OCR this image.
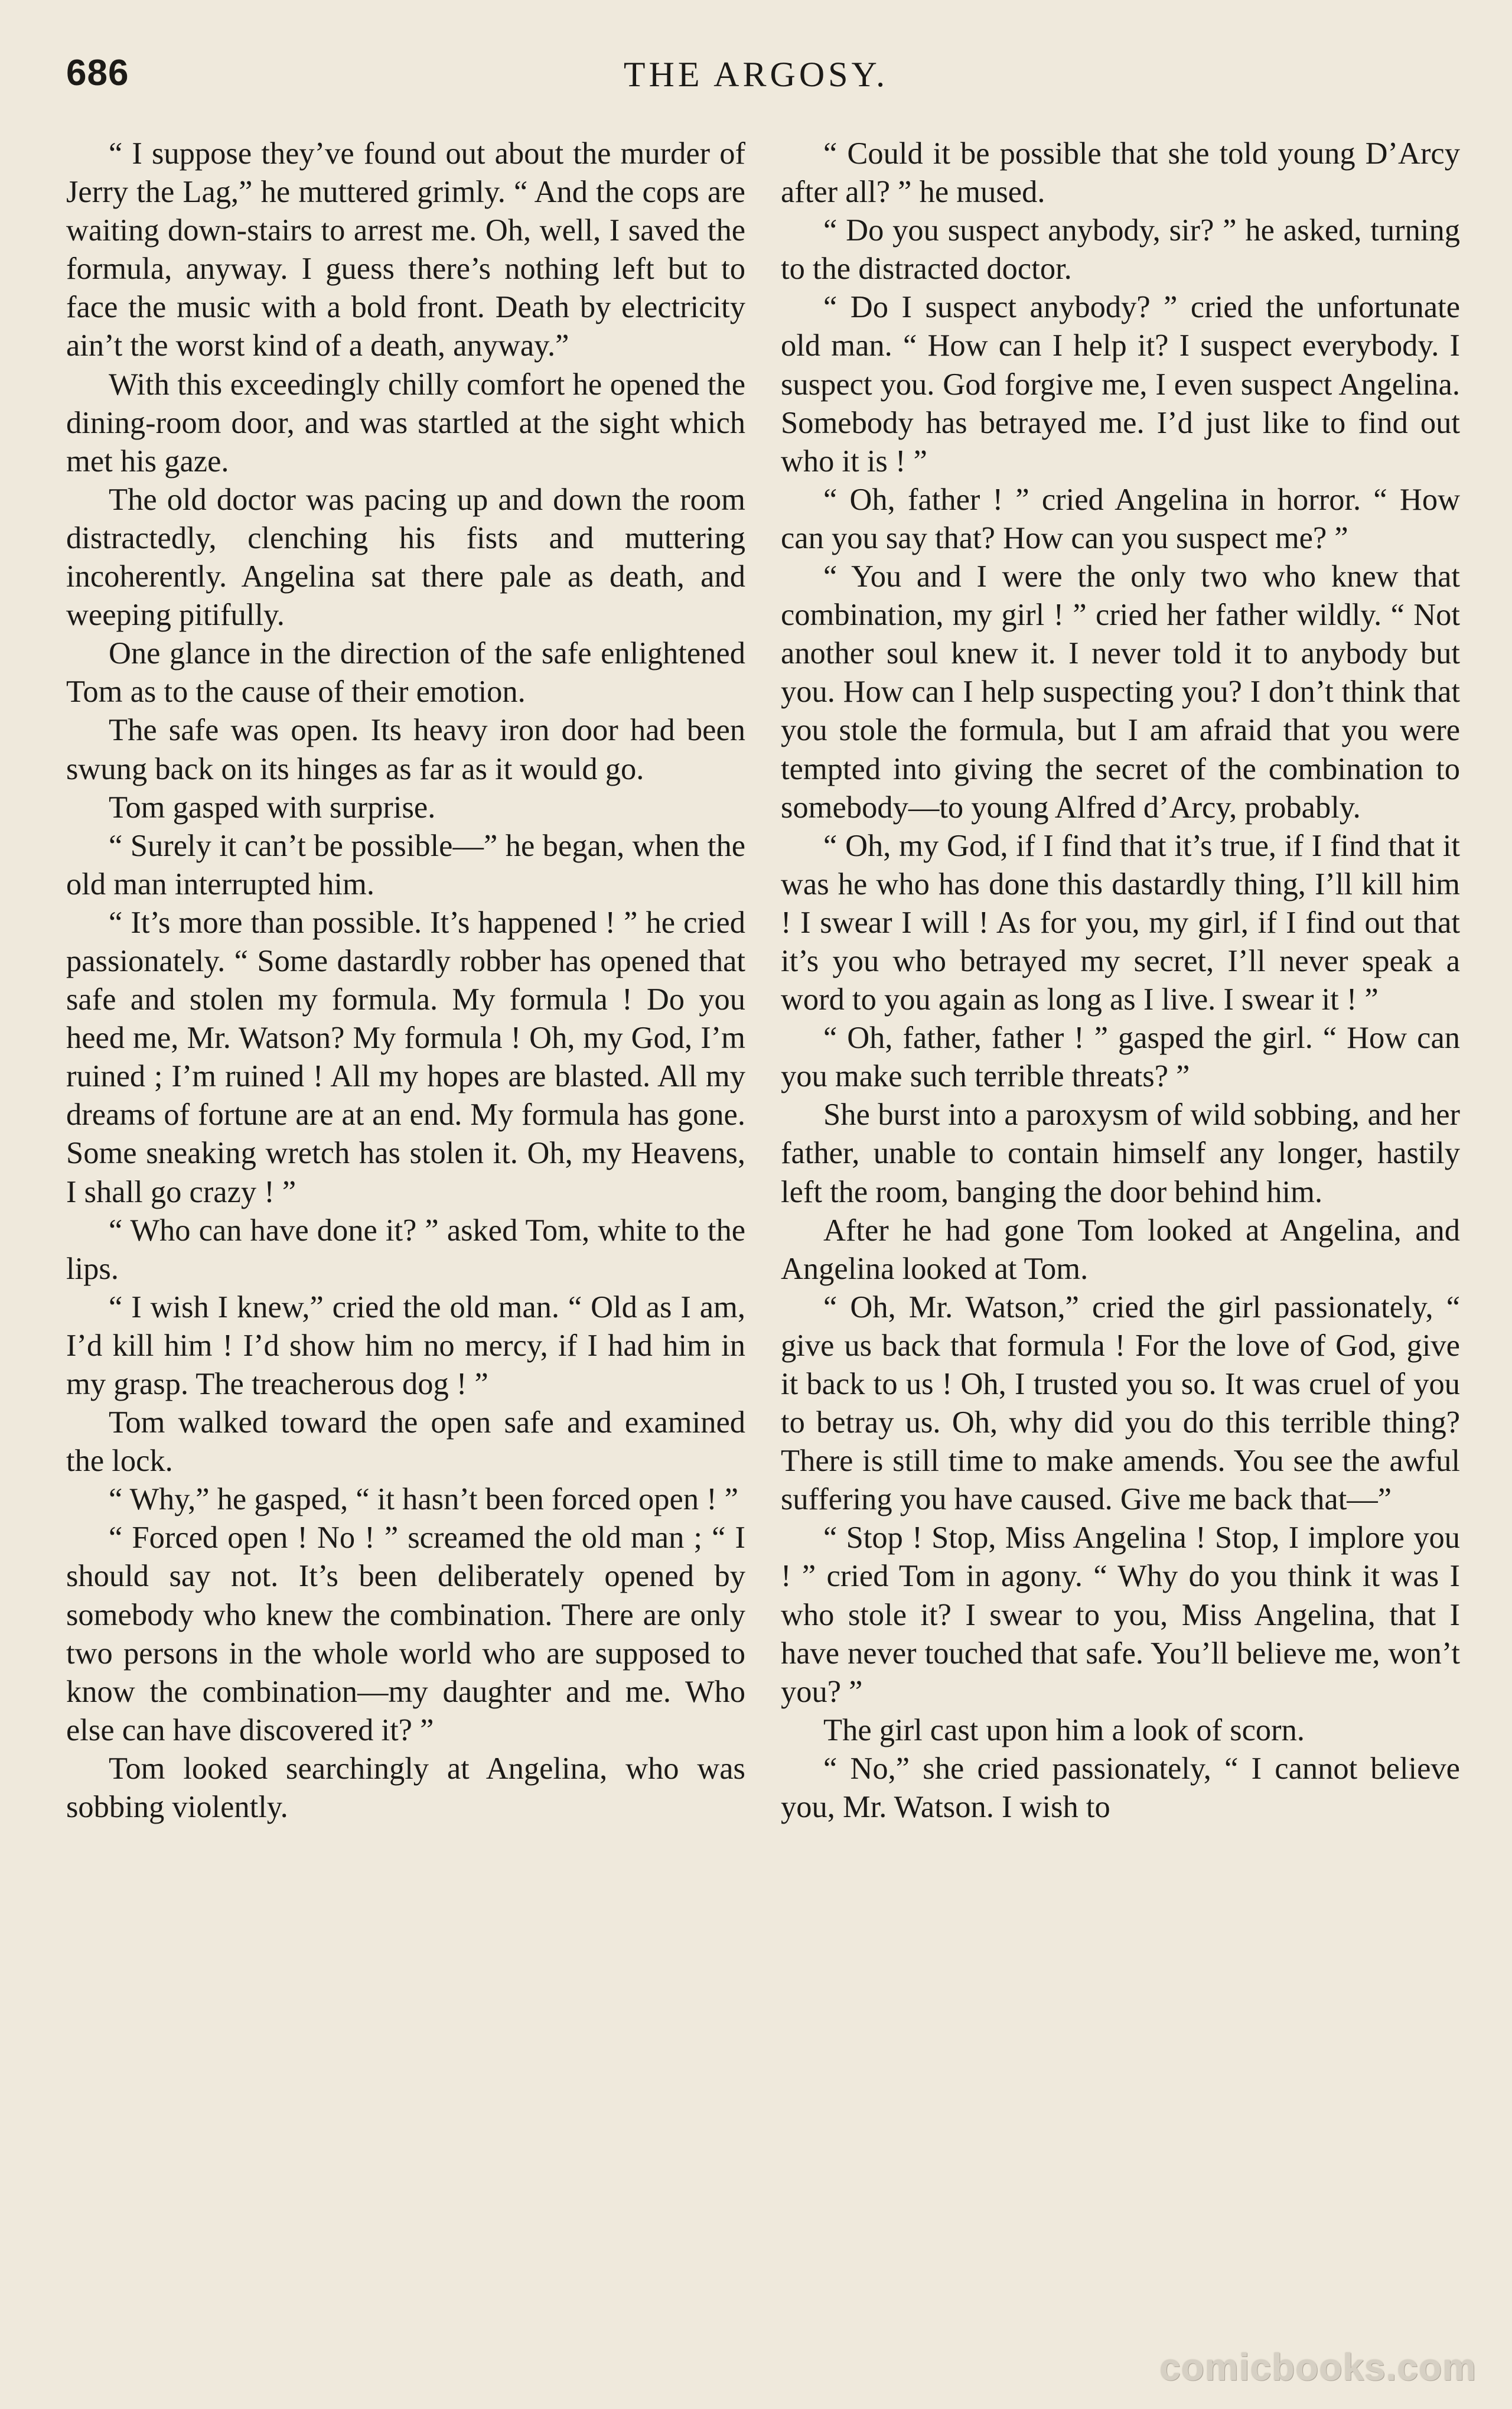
686	THE ARGOSY.

“ I suppose they’ve found out about the murder of Jerry the Lag,” he muttered grimly. “ And the cops are waiting down-stairs to arrest me. Oh, well, I saved the formula, anyway. I guess there’s nothing left but to face the music with a bold front. Death by electricity ain’t the worst kind of a death, anyway.”

With this exceedingly chilly comfort he opened the dining-room door, and was startled at the sight which met his gaze.

The old doctor was pacing up and down the room distractedly, clenching his fists and muttering incoherently. Angelina sat there pale as death, and weeping pitifully.

One glance in the direction of the safe enlightened Tom as to the cause of their emotion.

The safe was open. Its heavy iron door had been swung back on its hinges as far as it would go.

Tom gasped with surprise.

“ Surely it can’t be possible—” he began, when the old man interrupted him.

“ It’s more than possible. It’s happened ! ” he cried passionately. “ Some dastardly robber has opened that safe and stolen my formula. My formula ! Do you heed me, Mr. Watson? My formula ! Oh, my God, I’m ruined ; I’m ruined ! All my hopes are blasted. All my dreams of fortune are at an end. My formula has gone. Some sneaking wretch has stolen it. Oh, my Heavens, I shall go crazy ! ”

“ Who can have done it? ” asked Tom, white to the lips.

“ I wish I knew,” cried the old man. “ Old as I am, I’d kill him ! I’d show him no mercy, if I had him in my grasp. The treacherous dog ! ”

Tom walked toward the open safe and examined the lock.

“ Why,” he gasped, “ it hasn’t been forced open ! ”

“ Forced open ! No ! ” screamed the old man ; “ I should say not. It’s been deliberately opened by somebody who knew the combination. There are only two persons in the whole world who are supposed to know the combination—my daughter and me. Who else can have discovered it? ”

Tom looked searchingly at Angelina, who was sobbing violently.

“ Could it be possible that she told young D’Arcy after all? ” he mused.

“ Do you suspect anybody, sir? ” he asked, turning to the distracted doctor.

“ Do I suspect anybody? ” cried the unfortunate old man. “ How can I help it? I suspect everybody. I suspect you. God forgive me, I even suspect Angelina. Somebody has betrayed me. I’d just like to find out who it is ! ”

“ Oh, father ! ” cried Angelina in horror. “ How can you say that? How can you suspect me? ”

“ You and I were the only two who knew that combination, my girl ! ” cried her father wildly. “ Not another soul knew it. I never told it to anybody but you. How can I help suspecting you? I don’t think that you stole the formula, but I am afraid that you were tempted into giving the secret of the combination to somebody—to young Alfred d’Arcy, probably.

“ Oh, my God, if I find that it’s true, if I find that it was he who has done this dastardly thing, I’ll kill him ! I swear I will ! As for you, my girl, if I find out that it’s you who betrayed my secret, I’ll never speak a word to you again as long as I live. I swear it ! ”

“ Oh, father, father ! ” gasped the girl. “ How can you make such terrible threats? ”

She burst into a paroxysm of wild sobbing, and her father, unable to contain himself any longer, hastily left the room, banging the door behind him.

After he had gone Tom looked at Angelina, and Angelina looked at Tom.

“ Oh, Mr. Watson,” cried the girl passionately, “ give us back that formula ! For the love of God, give it back to us ! Oh, I trusted you so. It was cruel of you to betray us. Oh, why did you do this terrible thing? There is still time to make amends. You see the awful suffering you have caused. Give me back that—”

“ Stop ! Stop, Miss Angelina ! Stop, I implore you ! ” cried Tom in agony. “ Why do you think it was I who stole it? I swear to you, Miss Angelina, that I have never touched that safe. You’ll believe me, won’t you? ”

The girl cast upon him a look of scorn.

“ No,” she cried passionately, “ I cannot believe you, Mr. Watson. I wish to

comicbooks.com
